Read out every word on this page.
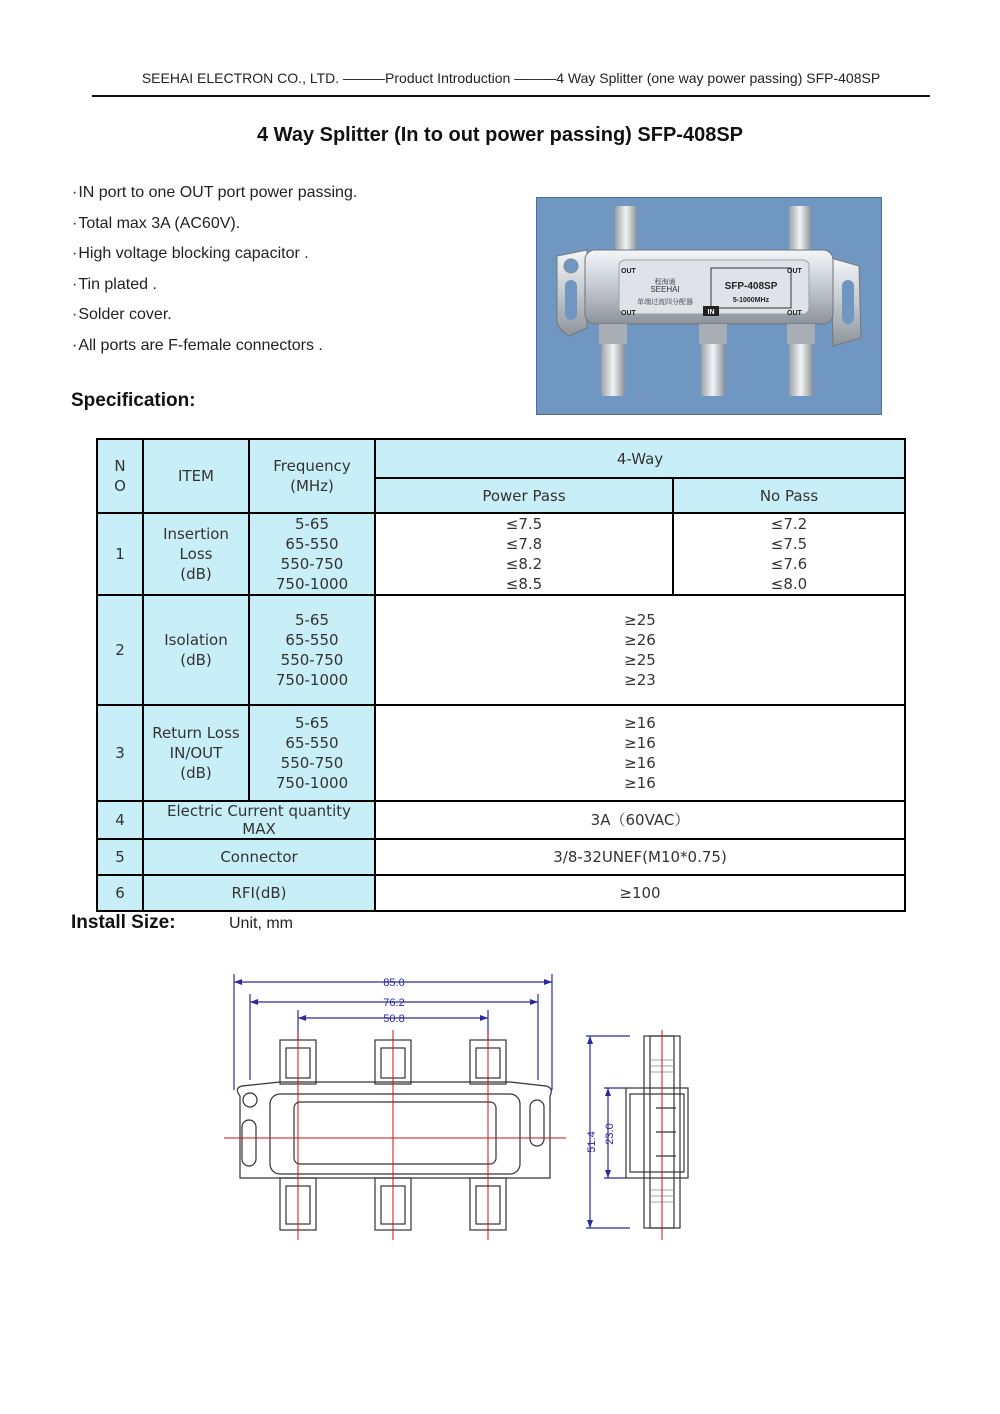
SEEHAI ELECTRON CO., LTD. ———Product Introduction ———4 Way Splitter (one way power passing) SFP-408SP
4 Way Splitter (In to out power passing) SFP-408SP
· IN port to one OUT port power passing.
· Total max 3A (AC60V).
· High voltage blocking capacitor .
· Tin plated .
· Solder cover.
· All ports are F-female connectors .
SFP-408SP
5-1000MHz
程海通
SEEHAI
单端过流四分配器
OUT	OUT
OUT	OUT
IN
Specification:
N
O	ITEM	Frequency
(MHz)	4-Way	
			Power Pass	No Pass
1	Insertion
Loss
(dB)	5-65
65-550
550-750
750-1000	≤7.5
≤7.8
≤8.2
≤8.5	≤7.2
≤7.5
≤7.6
≤8.0

2	Isolation
(dB)	5-65
65-550
550-750
750-1000	≥25
≥26
≥25
≥23	

3	Return Loss
IN/OUT
(dB)	5-65
65-550
550-750
750-1000	≥16
≥16
≥16
≥16	

4	Electric Current quantity
MAX		3A（60VAC）	
5	Connector		3/8-32UNEF(M10*0.75)	
6	RFI(dB)		≥100	
Install Size:	Unit, mm
85.0
76.2
50.8
51.4 23.0
